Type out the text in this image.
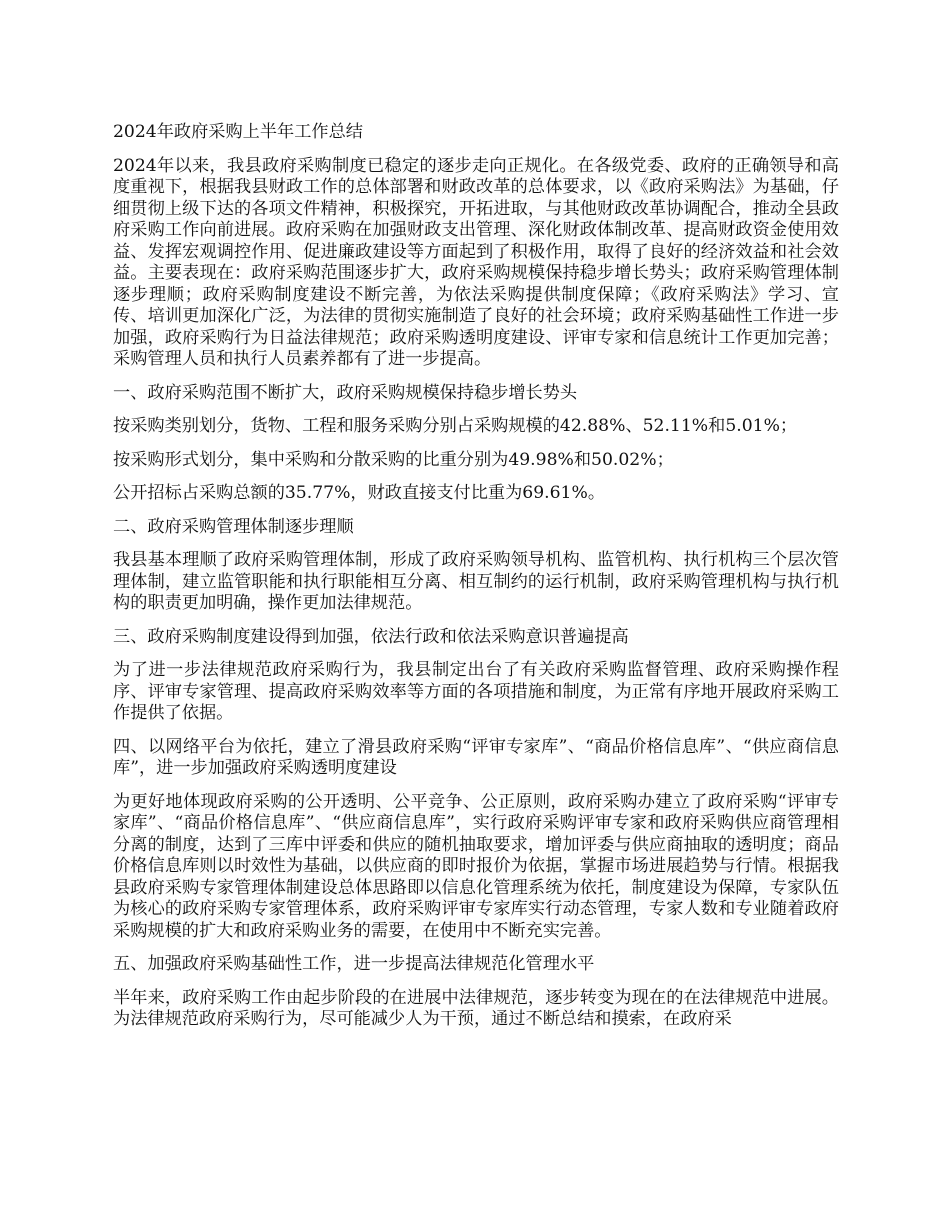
2024年政府采购上半年工作总结

2024年以来，我县政府采购制度已稳定的逐步走向正规化。在各级党委、政府的正确领导和高度重视下，根据我县财政工作的总体部署和财政改革的总体要求，以《政府采购法》为基础，仔细贯彻上级下达的各项文件精神，积极探究，开拓进取，与其他财政改革协调配合，推动全县政府采购工作向前进展。政府采购在加强财政支出管理、深化财政体制改革、提高财政资金使用效益、发挥宏观调控作用、促进廉政建设等方面起到了积极作用，取得了良好的经济效益和社会效益。主要表现在：政府采购范围逐步扩大，政府采购规模保持稳步增长势头；政府采购管理体制逐步理顺；政府采购制度建设不断完善，为依法采购提供制度保障；《政府采购法》学习、宣传、培训更加深化广泛，为法律的贯彻实施制造了良好的社会环境；政府采购基础性工作进一步加强，政府采购行为日益法律规范；政府采购透明度建设、评审专家和信息统计工作更加完善；采购管理人员和执行人员素养都有了进一步提高。

一、政府采购范围不断扩大，政府采购规模保持稳步增长势头

按采购类别划分，货物、工程和服务采购分别占采购规模的42.88%、52.11%和5.01%；

按采购形式划分，集中采购和分散采购的比重分别为49.98%和50.02%；

公开招标占采购总额的35.77%，财政直接支付比重为69.61%。

二、政府采购管理体制逐步理顺

我县基本理顺了政府采购管理体制，形成了政府采购领导机构、监管机构、执行机构三个层次管理体制，建立监管职能和执行职能相互分离、相互制约的运行机制，政府采购管理机构与执行机构的职责更加明确，操作更加法律规范。

三、政府采购制度建设得到加强，依法行政和依法采购意识普遍提高

为了进一步法律规范政府采购行为，我县制定出台了有关政府采购监督管理、政府采购操作程序、评审专家管理、提高政府采购效率等方面的各项措施和制度，为正常有序地开展政府采购工作提供了依据。

四、以网络平台为依托，建立了滑县政府采购“评审专家库”、“商品价格信息库”、“供应商信息库”，进一步加强政府采购透明度建设

为更好地体现政府采购的公开透明、公平竞争、公正原则，政府采购办建立了政府采购“评审专家库”、“商品价格信息库”、“供应商信息库”，实行政府采购评审专家和政府采购供应商管理相分离的制度，达到了三库中评委和供应的随机抽取要求，增加评委与供应商抽取的透明度；商品价格信息库则以时效性为基础，以供应商的即时报价为依据，掌握市场进展趋势与行情。根据我县政府采购专家管理体制建设总体思路即以信息化管理系统为依托，制度建设为保障，专家队伍为核心的政府采购专家管理体系，政府采购评审专家库实行动态管理，专家人数和专业随着政府采购规模的扩大和政府采购业务的需要，在使用中不断充实完善。

五、加强政府采购基础性工作，进一步提高法律规范化管理水平

半年来，政府采购工作由起步阶段的在进展中法律规范，逐步转变为现在的在法律规范中进展。为法律规范政府采购行为，尽可能减少人为干预，通过不断总结和摸索，在政府采
